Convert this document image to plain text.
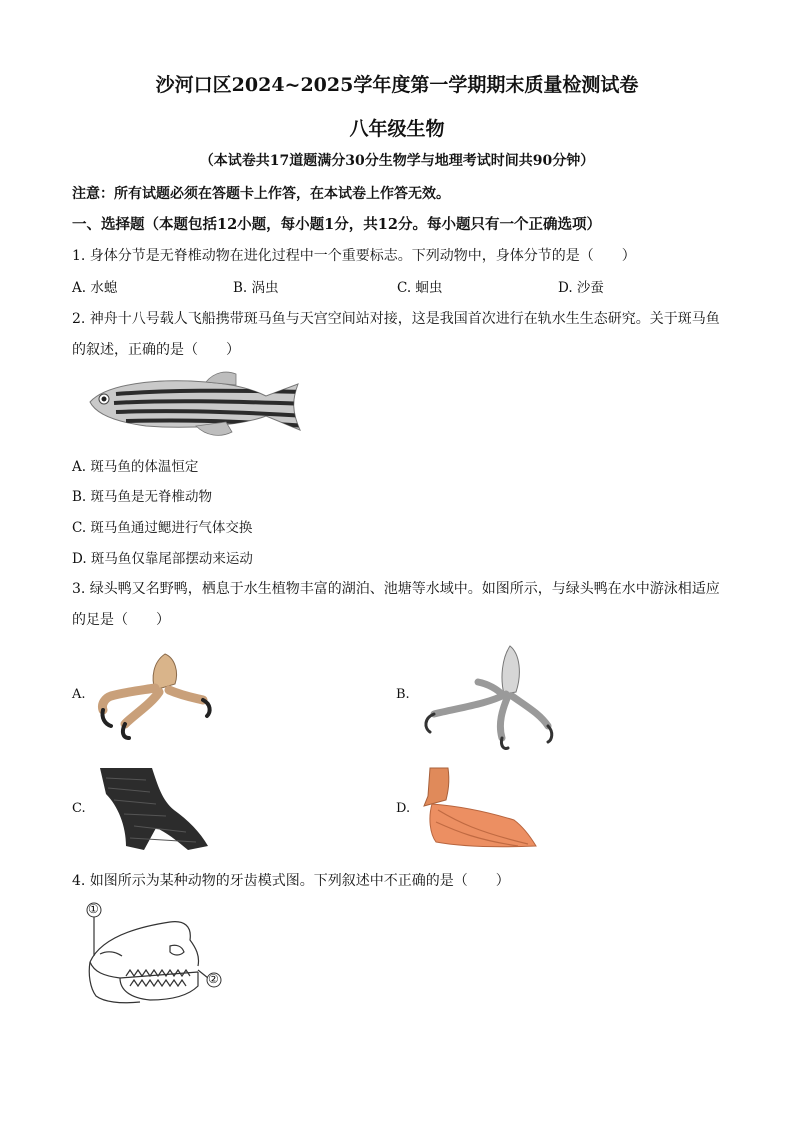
沙河口区2024~2025学年度第一学期期末质量检测试卷
八年级生物
（本试卷共17道题满分30分生物学与地理考试时间共90分钟）
注意：所有试题必须在答题卡上作答，在本试卷上作答无效。
一、选择题（本题包括12小题，每小题1分，共12分。每小题只有一个正确选项）
1. 身体分节是无脊椎动物在进化过程中一个重要标志。下列动物中，身体分节的是（　　）
A. 水螅	B. 涡虫	C. 蛔虫	D. 沙蚕
2. 神舟十八号载人飞船携带斑马鱼与天宫空间站对接，这是我国首次进行在轨水生生态研究。关于斑马鱼
的叙述，正确的是（　　）
A. 斑马鱼的体温恒定
B. 斑马鱼是无脊椎动物
C. 斑马鱼通过鳃进行气体交换
D. 斑马鱼仅靠尾部摆动来运动
3. 绿头鸭又名野鸭，栖息于水生植物丰富的湖泊、池塘等水域中。如图所示，与绿头鸭在水中游泳相适应
的足是（　　）
A.	B.
C.	D.
4. 如图所示为某种动物的牙齿模式图。下列叙述中不正确的是（　　）
①
②
